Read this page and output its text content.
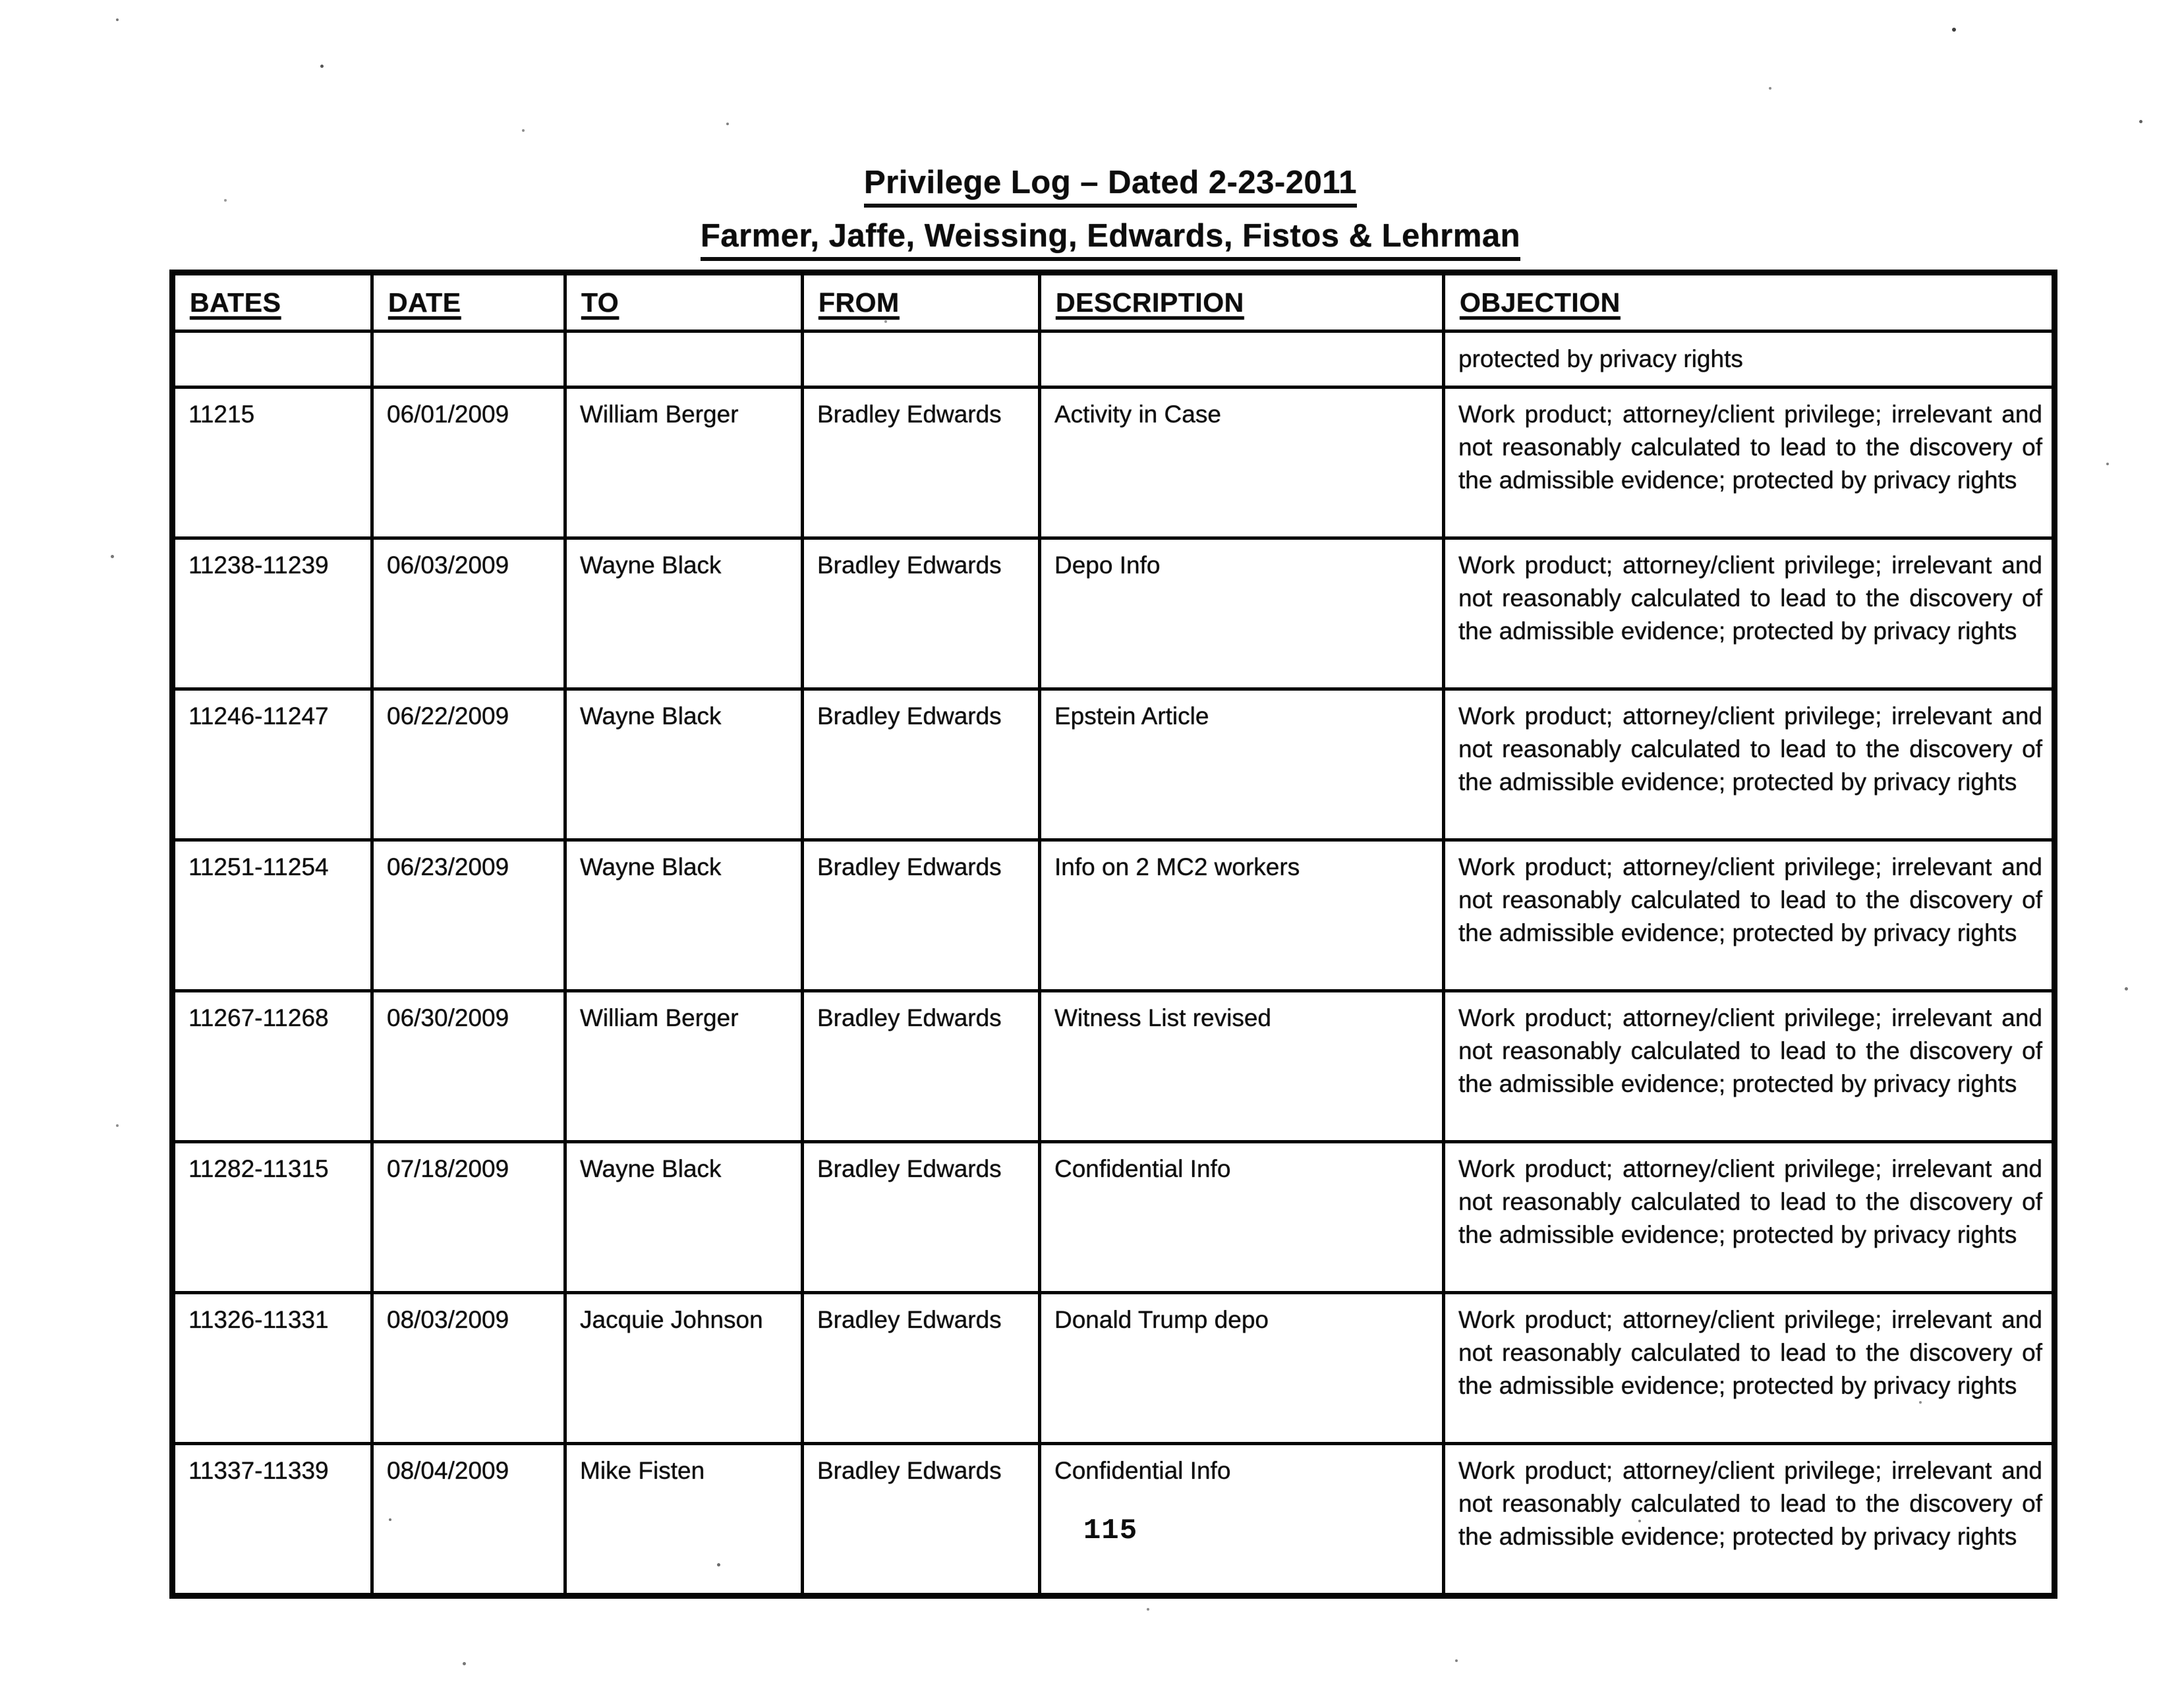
Privilege Log – Dated 2-23-2011
Farmer, Jaffe, Weissing, Edwards, Fistos & Lehrman
BATES	DATE	TO	FROM	DESCRIPTION	OBJECTION
					protected by privacy rights
11215	06/01/2009	William Berger	Bradley Edwards	Activity in Case	Work product; attorney/client privilege; irrelevant and not reasonably calculated to lead to the discovery of the admissible evidence; protected by privacy rights
11238-11239	06/03/2009	Wayne Black	Bradley Edwards	Depo Info	Work product; attorney/client privilege; irrelevant and not reasonably calculated to lead to the discovery of the admissible evidence; protected by privacy rights
11246-11247	06/22/2009	Wayne Black	Bradley Edwards	Epstein Article	Work product; attorney/client privilege; irrelevant and not reasonably calculated to lead to the discovery of the admissible evidence; protected by privacy rights
11251-11254	06/23/2009	Wayne Black	Bradley Edwards	Info on 2 MC2 workers	Work product; attorney/client privilege; irrelevant and not reasonably calculated to lead to the discovery of the admissible evidence; protected by privacy rights
11267-11268	06/30/2009	William Berger	Bradley Edwards	Witness List revised	Work product; attorney/client privilege; irrelevant and not reasonably calculated to lead to the discovery of the admissible evidence; protected by privacy rights
11282-11315	07/18/2009	Wayne Black	Bradley Edwards	Confidential Info	Work product; attorney/client privilege; irrelevant and not reasonably calculated to lead to the discovery of the admissible evidence; protected by privacy rights
11326-11331	08/03/2009	Jacquie Johnson	Bradley Edwards	Donald Trump depo	Work product; attorney/client privilege; irrelevant and not reasonably calculated to lead to the discovery of the admissible evidence; protected by privacy rights
11337-11339	08/04/2009	Mike Fisten	Bradley Edwards	Confidential Info	Work product; attorney/client privilege; irrelevant and not reasonably calculated to lead to the discovery of the admissible evidence; protected by privacy rights
115
